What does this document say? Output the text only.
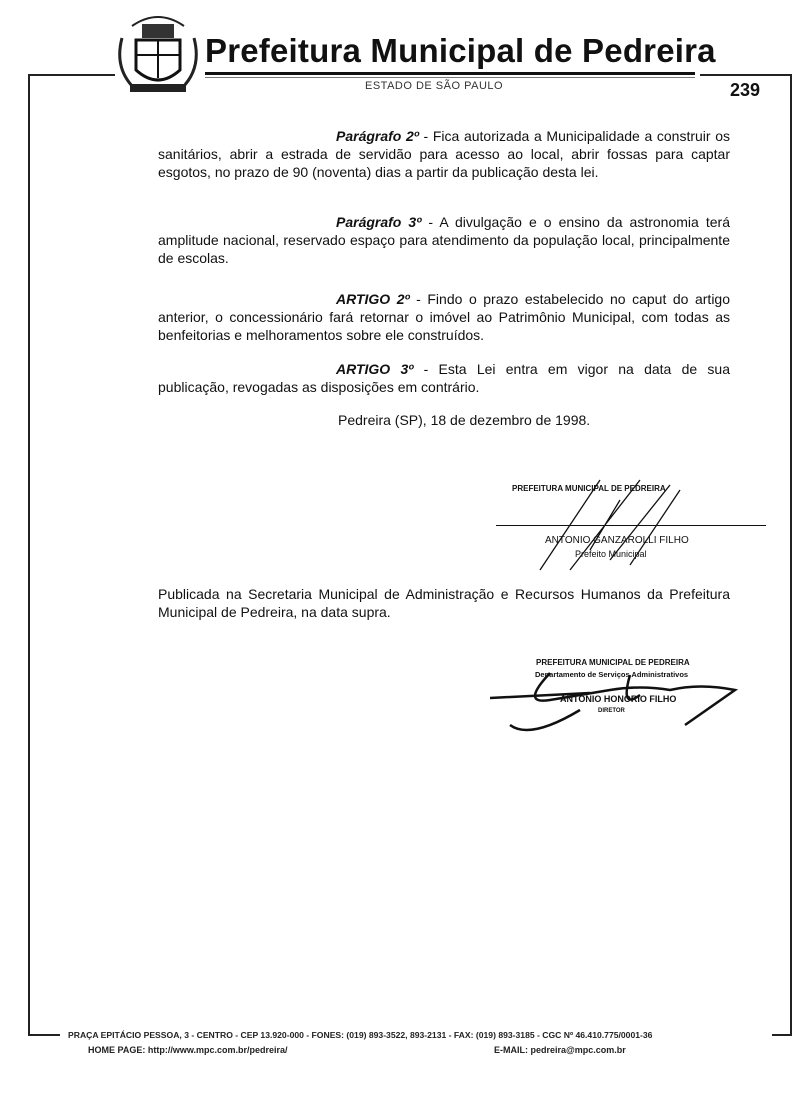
Prefeitura Municipal de Pedreira
ESTADO DE SÃO PAULO	239
Parágrafo 2º - Fica autorizada a Municipalidade a construir os sanitários, abrir a estrada de servidão para acesso ao local, abrir fossas para captar esgotos, no prazo de 90 (noventa) dias a partir da publicação desta lei.
Parágrafo 3º - A divulgação e o ensino da astronomia terá amplitude nacional, reservado espaço para atendimento da população local, principalmente de escolas.
ARTIGO 2º - Findo o prazo estabelecido no caput do artigo anterior, o concessionário fará retornar o imóvel ao Patrimônio Municipal, com todas as benfeitorias e melhoramentos sobre ele construídos.
ARTIGO 3º - Esta Lei entra em vigor na data de sua publicação, revogadas as disposições em contrário.
Pedreira (SP), 18 de dezembro de 1998.
PREFEITURA MUNICIPAL DE PEDREIRA
ANTONIO GANZAROLLI FILHO
Prefeito Municipal
Publicada na Secretaria Municipal de Administração e Recursos Humanos da Prefeitura Municipal de Pedreira, na data supra.
PREFEITURA MUNICIPAL DE PEDREIRA
Departamento de Serviços Administrativos
ANTONIO HONORIO FILHO
DIRETOR
PRAÇA EPITÁCIO PESSOA, 3 - CENTRO - CEP 13.920-000 - FONES: (019) 893-3522, 893-2131 - FAX: (019) 893-3185 - CGC Nº 46.410.775/0001-36
HOME PAGE: http://www.mpc.com.br/pedreira/	E-MAIL: pedreira@mpc.com.br
